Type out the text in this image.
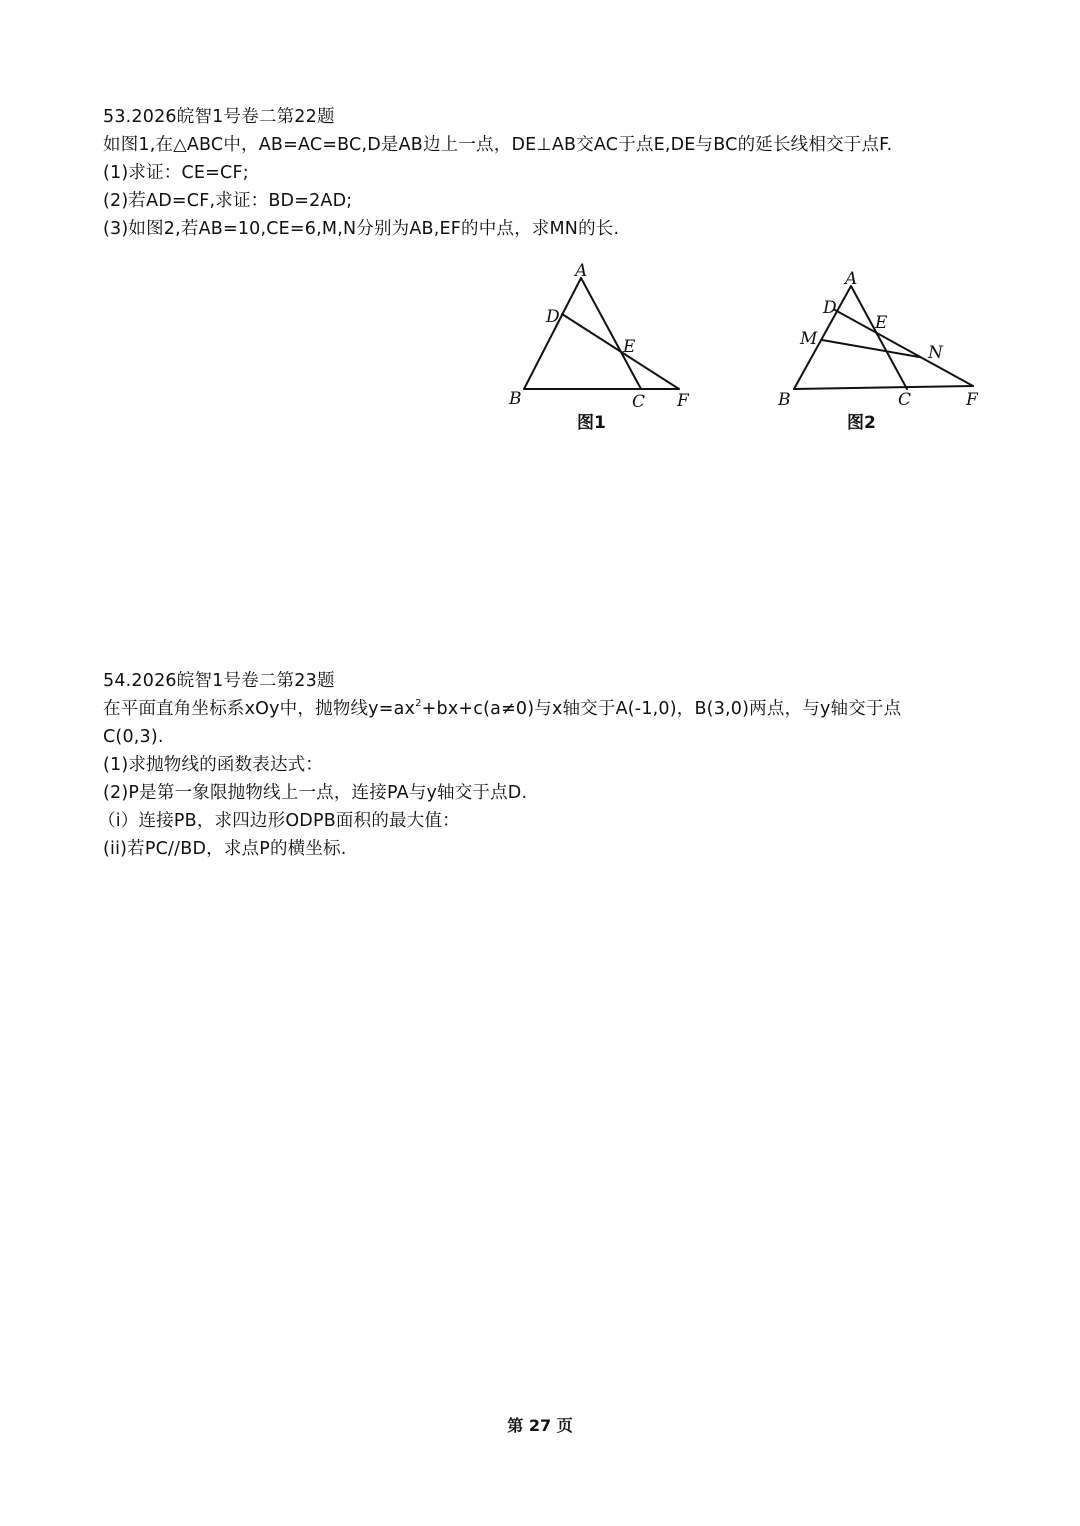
53.2026皖智1号卷二第22题
如图1,在△ABC中，AB=AC=BC,D是AB边上一点，DE⊥AB交AC于点E,DE与BC的延长线相交于点F.
(1)求证：CE=CF;
(2)若AD=CF,求证：BD=2AD;
(3)如图2,若AB=10,CE=6,M,N分别为AB,EF的中点，求MN的长.
A
B	C
D
E
F
图1
A
B	C
D
E
F
M
N
图2
54.2026皖智1号卷二第23题
在平面直角坐标系xOy中，抛物线$y=ax^2+bx+c(a\ne 0)$与x轴交于A(-1,0)，B(3,0)两点，与y轴交于点
C(0,3).
(1)求抛物线的函数表达式：
(2)P是第一象限抛物线上一点，连接PA与y轴交于点D.
（i）连接PB，求四边形ODPB面积的最大值：
(ii)若PC//BD，求点P的横坐标.
第 27 页
